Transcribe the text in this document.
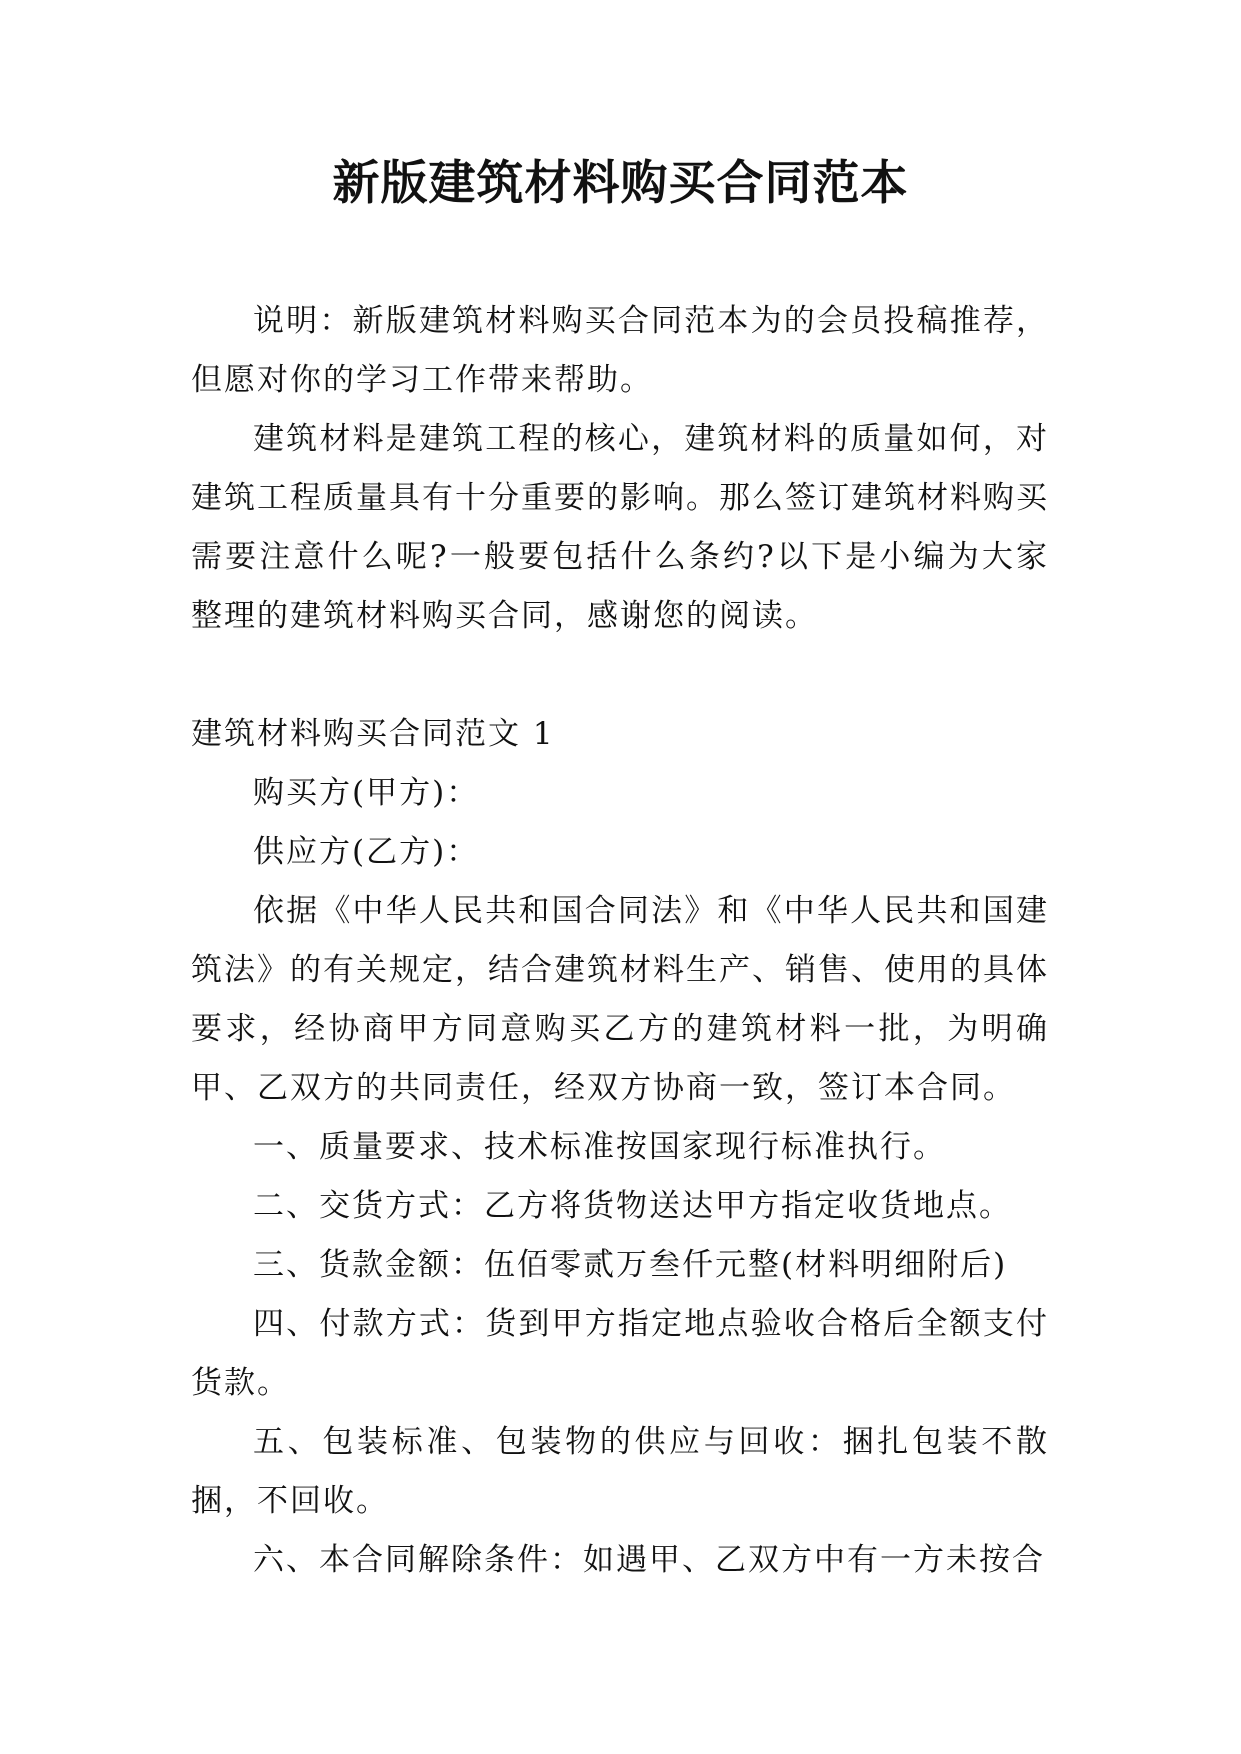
新版建筑材料购买合同范本

说明：新版建筑材料购买合同范本为的会员投稿推荐，但愿对你的学习工作带来帮助。

建筑材料是建筑工程的核心，建筑材料的质量如何，对建筑工程质量具有十分重要的影响。那么签订建筑材料购买需要注意什么呢?一般要包括什么条约?以下是小编为大家整理的建筑材料购买合同，感谢您的阅读。

建筑材料购买合同范文 1

购买方(甲方)：

供应方(乙方)：

依据《中华人民共和国合同法》和《中华人民共和国建筑法》的有关规定，结合建筑材料生产、销售、使用的具体要求，经协商甲方同意购买乙方的建筑材料一批，为明确甲、乙双方的共同责任，经双方协商一致，签订本合同。

一、质量要求、技术标准按国家现行标准执行。

二、交货方式：乙方将货物送达甲方指定收货地点。

三、货款金额：伍佰零贰万叁仟元整(材料明细附后)

四、付款方式：货到甲方指定地点验收合格后全额支付货款。

五、包装标准、包装物的供应与回收：捆扎包装不散捆，不回收。

六、本合同解除条件：如遇甲、乙双方中有一方未按合
